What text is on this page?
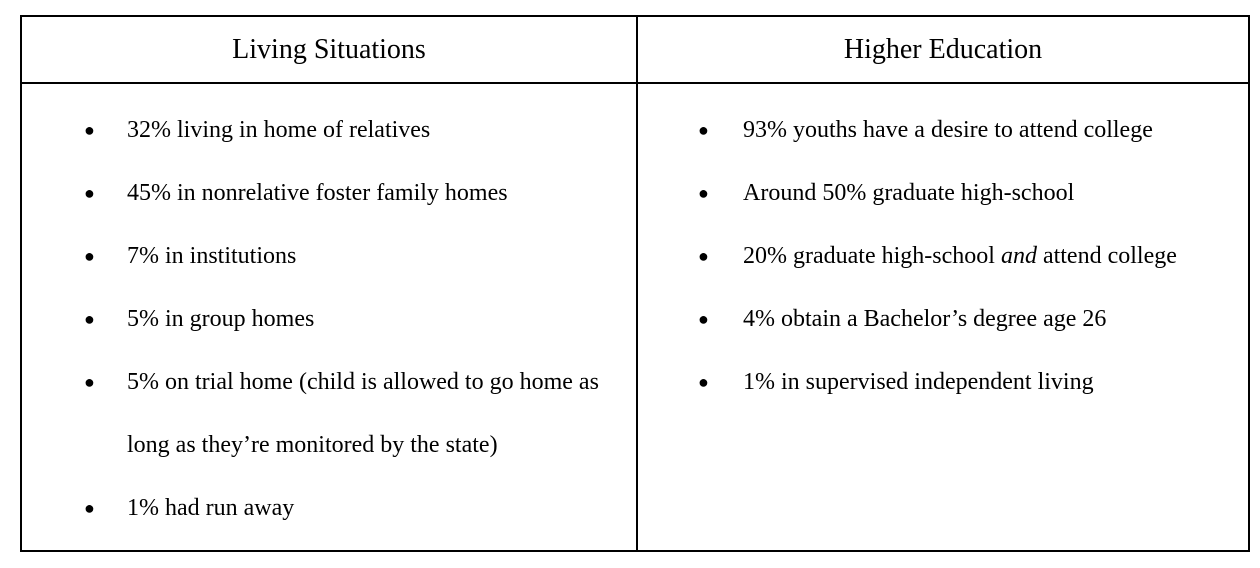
Living Situations	Higher Education
● 32% living in home of relatives
● 45% in nonrelative foster family homes
● 7% in institutions
● 5% in group homes
● 5% on trial home (child is allowed to go home as long as they’re monitored by the state)
● 1% had run away
● 93% youths have a desire to attend college
● Around 50% graduate high-school
● 20% graduate high-school and attend college
● 4% obtain a Bachelor’s degree age 26
● 1% in supervised independent living
